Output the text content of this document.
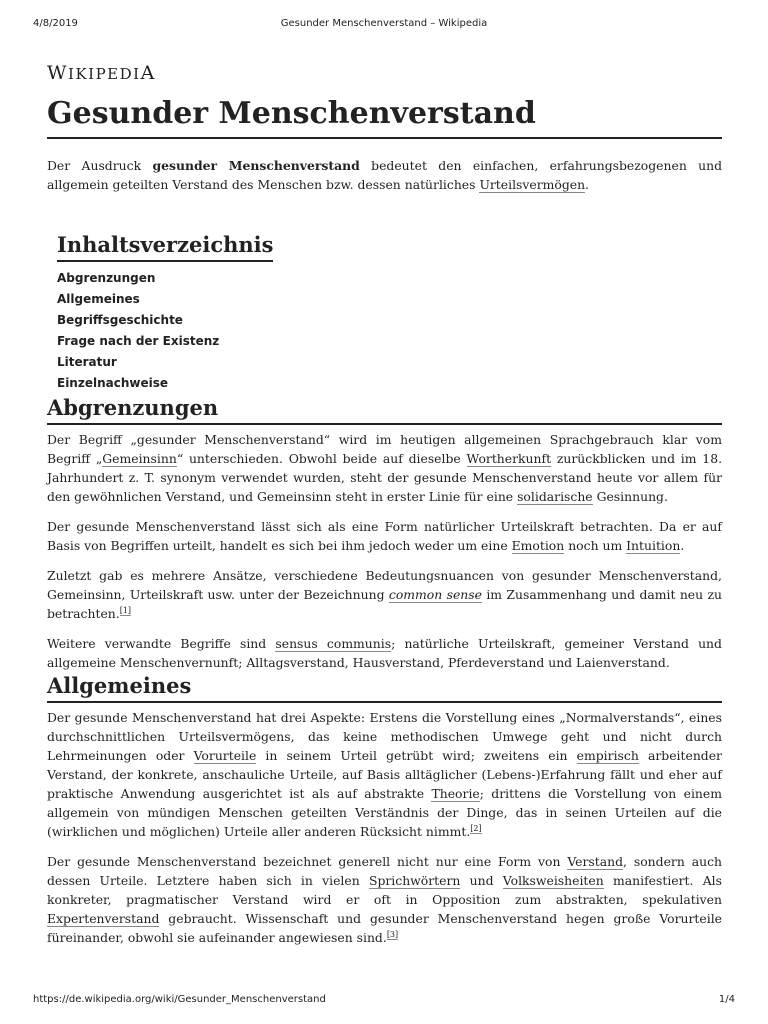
4/8/2019	Gesunder Menschenverstand – Wikipedia
WIKIPEDIA
Gesunder Menschenverstand

Der Ausdruck gesunder Menschenverstand bedeutet den einfachen, erfahrungsbezogenen und allgemein geteilten Verstand des Menschen bzw. dessen natürliches Urteilsvermögen.

Inhaltsverzeichnis
Abgrenzungen
Allgemeines
Begriffsgeschichte
Frage nach der Existenz
Literatur
Einzelnachweise
Abgrenzungen

Der Begriff „gesunder Menschenverstand“ wird im heutigen allgemeinen Sprachgebrauch klar vom Begriff „Gemeinsinn“ unterschieden. Obwohl beide auf dieselbe Wortherkunft zurückblicken und im 18. Jahrhundert z. T. synonym verwendet wurden, steht der gesunde Menschenverstand heute vor allem für den gewöhnlichen Verstand, und Gemeinsinn steht in erster Linie für eine solidarische Gesinnung.

Der gesunde Menschenverstand lässt sich als eine Form natürlicher Urteilskraft betrachten. Da er auf Basis von Begriffen urteilt, handelt es sich bei ihm jedoch weder um eine Emotion noch um Intuition.

Zuletzt gab es mehrere Ansätze, verschiedene Bedeutungsnuancen von gesunder Menschenverstand, Gemeinsinn, Urteilskraft usw. unter der Bezeichnung common sense im Zusammenhang und damit neu zu betrachten.[1]

Weitere verwandte Begriffe sind sensus communis; natürliche Urteilskraft, gemeiner Verstand und allgemeine Menschenvernunft; Alltagsverstand, Hausverstand, Pferdeverstand und Laienverstand.

Allgemeines

Der gesunde Menschenverstand hat drei Aspekte: Erstens die Vorstellung eines „Normalverstands“, eines durchschnittlichen Urteilsvermögens, das keine methodischen Umwege geht und nicht durch Lehrmeinungen oder Vorurteile in seinem Urteil getrübt wird; zweitens ein empirisch arbeitender Verstand, der konkrete, anschauliche Urteile, auf Basis alltäglicher (Lebens-)Erfahrung fällt und eher auf praktische Anwendung ausgerichtet ist als auf abstrakte Theorie; drittens die Vorstellung von einem allgemein von mündigen Menschen geteilten Verständnis der Dinge, das in seinen Urteilen auf die (wirklichen und möglichen) Urteile aller anderen Rücksicht nimmt.[2]

Der gesunde Menschenverstand bezeichnet generell nicht nur eine Form von Verstand, sondern auch dessen Urteile. Letztere haben sich in vielen Sprichwörtern und Volksweisheiten manifestiert. Als konkreter, pragmatischer Verstand wird er oft in Opposition zum abstrakten, spekulativen Expertenverstand gebraucht. Wissenschaft und gesunder Menschenverstand hegen große Vorurteile füreinander, obwohl sie aufeinander angewiesen sind.[3]

https://de.wikipedia.org/wiki/Gesunder_Menschenverstand	1/4
